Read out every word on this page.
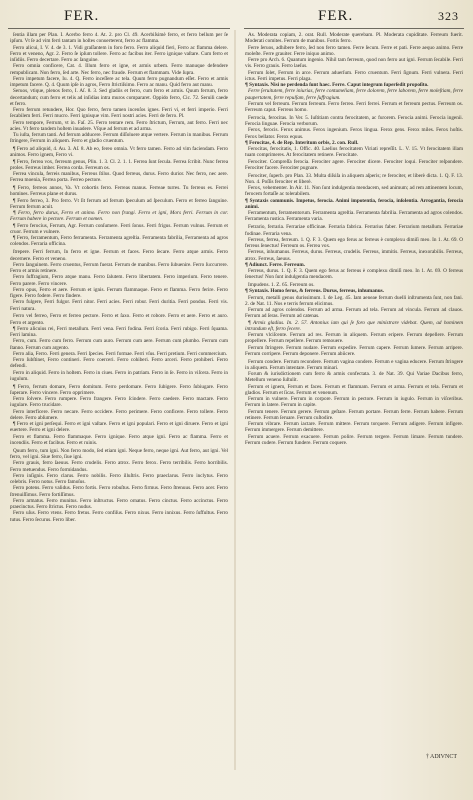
FER.	FER.	323

ſentia illam per Plan. I. Acerbo ferro 4. At. 2. pro Cl. 49. Acerbiſsimè ferro, et ferro bellum per ſe ipſum. Vt ſe ad vim ferri tantam in hoſtes conuerterent, ferro ac flamma.

Ferro alicui, I. V. 4. de 3. 1. Vidi graſſantem in foro ferro. Ferro aliquid fieri, Ferro ac flamma delere. Ferro et veneno, Agr. 2. Ferro ſe ipſum tollere. Ferro ac facibus iter. Ferro ignique vaſtare. Cum ferro et inſidiis. Ferro decertare. Ferro ac ſanguine.

Ferro omnia conficere, Cat. 4. Illum ferro et igne, et armis urbem. Ferro manuque defendere rempublicam. Non ferro, ſed arte. Nec ferro, nec fraude. Ferrum et flammam. Vide ſupra.

Ferro impetum facere, Iu. 4. Q. Ferro inceſſere ac tela. Quum ferro pugnandum eſſet. Ferro et armis impetum facere. Q. 4. Quum ipſe in agros, Ferro ſtrictiſsimo. Ferro ac manu. Quid ferro aut manu.

Seruos, vtique, plenos ferro, I. Aſ. 8. 3. Sed gladiis et ferro, cum ferro et armis. Quum ferrum, ferro decertandum; cum ferro et telis ad inſidias intra muros compararet. Oppido ferro, Cic. 72. Seruili caede et ferro.

Ferro ferrum retundere, Hor. Quo ferro, ferro tamen incenſos ignes. Ferri vi, et ferri imperio. Ferri ſecabilem ferri. Ferri mucro. Ferri ignisque vim. Ferri nostri acies. Ferri de ferro. Pl.

Ferro tempore, Ferrum, vt in. Faſ. 25. Ferro tentare rem. Ferro ſtrictum, Ferrum, aut ferro. Ferri nec acies. Vt ferro tandem hoſtem inuadere. Vſque ad ferrum et ad arma.

Tu iuſta, ferrum tanti. Ad ferrum adducere. Ferrum diſſoluere atque vertere. Ferrum in manibus. Ferrum ſtringere, Ferrum in aliquem. Ferro et gladio cruentum.

¶ Ferro ad aliquid, 4. Au. 3. Aſ. 8. Ab eo, fereo omnia. Vt ferro tamen. Ferro ad vim faciendam. Ferro animos. Ferro ignem, Ferro vi.

¶ Ferro, ferrea vox, ferreum genus, Plin. 1. 3. Cl. 2. 1. 1. Ferrea ſunt ſecula. Ferrea ſcribit. Nunc ferrea proles. Ferreus imber. Ferrea corda. Ferreum os.

Ferrea vincula, ferreis manibus, Ferreus ſtilus. Quod ferreus, durus. Ferro durior. Nec ferro, nec aere. Ferrea moenia, Ferrea porta. Ferreo pectore.

¶ Ferro, ferreos annos, Va. Vt cohortis ferro. Ferreas manus. Ferreae turres. Tu ferreus es. Ferrei homines. Ferreus plane et durus.

¶ Ferro ferreo, 3. Pro ferro. Vt ſit ferrum ad ferrum ſpeculum ad ſpeculum. Ferro et ferreo ſanguine. Ferrum ferrum acuit.

¶ Ferro, ferro durus, Ferro et animo. Ferro non frangi. Ferro et igni, Mors ferri. Ferrum in cor. Ferrum habere in pectore. Ferrum et nomen.

¶ Ferro ferocius, Ferrum, Agr. Ferrum conſumere. Ferri ſonus. Ferri frigus. Ferrum vulnus. Ferrum et cruor. Ferrum e vulnere.

¶ Ferro, ferramentum, Ferro ferramenta. Ferramenta agreſtia. Ferramenta fabrilia, Ferramenta ad agros colendos. Ferraria officina.

ſtrepere. Ferri ferrum, In ferro et igne. Ferrum et faces. Ferro ſecare. Ferro atque armis. Ferro decernere. Ferro et veneno.

Ferro ſanguinem. Ferro cruentus, Ferrum fuerat. Ferrum de manibus. Ferro ſubuenire. Ferro ſuccurrere. Ferro et armis retinere.

Ferro ſuffragium, Ferro atque manu. Ferro ſalutem. Ferro libertatem. Ferro imperium. Ferro tenere. Ferro parere. Ferro vincere.

Ferro opus, Ferro et aere. Ferrum et ignis. Ferrum flammaque. Ferro et flamma. Ferro ferire. Ferro figere. Ferro fodere. Ferro findere.

Ferro fulgere, Ferri fulgor. Ferri nitor. Ferri acies. Ferri robur. Ferri duritia. Ferri pondus. Ferri vis. Ferri natura.

Ferro vel ferreo, Ferro et ferreo pectore. Ferro et ſaxo. Ferro et robore. Ferro et aere. Ferro et auro. Ferro et argento.

¶ Ferro alicuius rei, Ferri metallum. Ferri vena. Ferri fodina. Ferri ſcoria. Ferri rubigo. Ferri ſquama. Ferri lamina.

Ferro, cum. Ferro cum ferro. Ferrum cum auro. Ferrum cum aere. Ferrum cum plumbo. Ferrum cum ſtanno. Ferrum cum argento.

Ferro alia, Ferro. Ferri genera. Ferri ſpecies. Ferri formae. Ferri vſus. Ferri pretium. Ferri commercium.

Ferro ſubſtinet, Ferro contineri. Ferro coerceri. Ferro cohiberi. Ferro arceri. Ferro prohiberi. Ferro defendi.

Ferro in aliquid. Ferro in hoſtem. Ferro in ciues. Ferro in patriam. Ferro in ſe. Ferro in viſcera. Ferro in iugulum.

¶ Ferro, ferrum domare, Ferro domitum. Ferro perdomare. Ferro ſubigere. Ferro ſubiugare. Ferro ſuperare. Ferro vincere. Ferro opprimere.

Ferro ſolvere. Ferro rumpere. Ferro frangere. Ferro ſcindere. Ferro caedere. Ferro mactare. Ferro iugulare. Ferro trucidare.

Ferro interficere. Ferro necare. Ferro occidere. Ferro perimere. Ferro conficere. Ferro tollere. Ferro delere. Ferro abſumere.

¶ Ferro et igni perſequi. Ferro et igni vaſtare. Ferro et igni populari. Ferro et igni diruere. Ferro et igni euertere. Ferro et igni delere.

Ferro et flamma. Ferro flammaque. Ferro ignique. Ferro atque igni. Ferro ac flamma. Ferro et incendiis. Ferro et facibus. Ferro et ruinis.

Quum ferro, tum igni. Non ferro modo, ſed etiam igni. Neque ferro, neque igni. Aut ferro, aut igni. Vel ferro, vel igni. Siue ferro, ſiue igni.

Ferro grauis, ferro ſaeuus. Ferro crudelis. Ferro atrox. Ferro ferox. Ferro terribilis. Ferro horribilis. Ferro metuendus. Ferro formidandus.

Ferro inſignis. Ferro clarus. Ferro nobilis. Ferro illuſtris. Ferro praeclarus. Ferro inclytus. Ferro celebris. Ferro notus. Ferro famoſus.

Ferro potens. Ferro validus. Ferro fortis. Ferro robuſtus. Ferro firmus. Ferro ſtrenuus. Ferro acer. Ferro ſtrenuiſſimus. Ferro fortiſſimus.

Ferro armatus. Ferro munitus. Ferro inſtructus. Ferro ornatus. Ferro cinctus. Ferro accinctus. Ferro praecinctus. Ferro ſtrictus. Ferro nudus.

Ferro uſus. Ferro vtens. Ferro fretus. Ferro confiſus. Ferro nixus. Ferro innixus. Ferro ſuffultus. Ferro tutus. Ferro ſecurus. Ferro liber.

As. Moderata copiam, 2. orat. Rull. Moderate querebam. Pl. Moderata cupiditate. Ferreum fuerit. Moderati comites. Ferrum de manibus. Fortis ferro.

Ferre ſeruos, adhibere ferro, ſed non ferro tamen. Ferre ſecum. Ferre et pati. Ferre aequo animo. Ferre moleſte. Ferre grauiter. Ferre iniquo animo.

Ferre pro Arch. 6. Quantum ingenio. Nihil tam ferreum, quod non ferro aut igni. Ferrum ſecabile. Ferri vis. Ferro grauis. Ferro laeſus.

Ferrum ſolet, Ferrum in arce. Ferrum aduerſum. Ferro cruentum. Ferri ſignum. Ferri vulnera. Ferri ictus. Ferri impetus. Ferri plaga.

¶ Syntaxis. Nisi ne perdenda ſunt haec. Ferre. Caput integrum ſuperſedit propoſito.

Ferre ſeruitutem, ferre iniurias, ferre contumeliam, ferre dolorem, ferre laborem, ferre moleſtiam, ferre paupertatem, ferre repulſam, ferre ſuffragium.

Ferrum vel ferreum. Ferrum ferreum. Ferro ferreo. Ferri ferrei. Ferrum et ferreum pectus. Ferreum os. Ferreum caput. Ferreus homo.

Ferrocia, ferocitas. In Ver. 5. Iuſtitiam contra ferocitatem, ac furorem. Ferocia animi. Ferocia ingenii. Ferocia linguae. Ferocia verborum.

Ferox, ferocis. Ferox animus. Ferox ingenium. Ferox lingua. Ferox gens. Ferox miles. Ferox hoſtis. Ferox bellator. Ferox equus.

¶ Ferocitas, 4. de Rep. Interitum orbis, 2. con. Rull.

Ferocitas, ferocitatis, 1. Offic. 40. Laelius ferocitatem Viriati repreſſit. L. V. 15. Vt ferocitatem illam tuam comprimeres. At ferocitatem retinere. Ferocitate.

Ferociter. Compreſſa ferocia. Ferociter agere. Ferociter dicere. Ferociter loqui. Ferociter reſpondere. Ferociter facere. Ferociter pugnare.

Ferociter, ſuperb. pro Plan. 33. Multa diſsiſa in aliquem aſperis; re ferociter, et liberè dicta. 1. Q. F. 13. Non. 4. Poſſis ferociter et liberè.

Ferox, vehementer. In Air. 11. Non ſunt indulgentia mendacem, sed animum; ad rem attinentem locum, ferocem fortaſſe ac tolerabilem.

¶ Syntaxis communis. Impetus, ferocia. Animi impotentia, ferocia, inſolentia. Arrogantia, ferocia animi.

Ferramentum, ferramentorum. Ferramenta agreſtia. Ferramenta fabrilia. Ferramenta ad agros colendos. Ferramenta rustica. Ferramenta varia.

Fetrario, ferraria. Ferrariae officinae. Ferraria fabrica. Ferrarius faber. Ferrarium metallum. Ferrariae fodinae. Ferraria vena.

Ferreus, ferrea, ferreum. 1. Q. F. 3. Quem ego ferus ac ferreus è complexu dimiſi meo. In 1. At. 69. O ferreus ſenectus! Ferreum os. Ferrea vox.

Ferreus, inhumanus. Ferreus, durus. Ferreus, crudelis. Ferreus, immitis. Ferreus, inexorabilis. Ferreus, atrox. Ferreus, ſaeuus.

¶ Adiunct. Ferre. Ferreum.

Ferreus, durus. 1. Q. F. 3. Quem ego ferus ac ferreus è complexu dimiſi meo. In 1. At. 69. O ferreus ſenectus! Non ſunt indulgentia mendacem.

Impudens. 1. Z. 65. Ferreum os.

¶ Syntaxis. Homo ferus, & ferreus. Durus, ferreus, inhumanus.

Ferrum, metalli genus durissimum. I. de Leg. 45. Iam aeneae ferrum duelli inſtrumenta ſunt, non fani. 2. de Nat. 11. Nos e terris ferrum elicimus.

Ferrum ad agros colendos. Ferrum ad arma. Ferrum ad tela. Ferrum ad vincula. Ferrum ad clauos. Ferrum ad ſeras. Ferrum ad catenas.

¶ Armis gladius. In. 2. 57. Antonius iam qui ſe foro que ministrare videbat. Quem, ad hominem intrandum eſt, ferro ſecere.

Ferrum vlciſcente. Ferrum ad res. Ferrum in aliquem. Ferrum eripere. Ferrum depellere. Ferrum propellere. Ferrum repellere. Ferrum remouere.

Ferrum ſtringere. Ferrum nudare. Ferrum expedire. Ferrum capere. Ferrum ſumere. Ferrum arripere. Ferrum corripere. Ferrum deponere. Ferrum abiicere.

Ferrum condere. Ferrum recondere. Ferrum vagina condere. Ferrum e vagina educere. Ferrum ſtringere in aliquem. Ferrum intentare. Ferrum minari.

Forum & iurisdictionem cum ferro & armis confectata. 3. de Nat. 39. Qui Variae Dacibus ferro, Metellum veneno ſuſtulit.

Ferrum et ignem, Ferrum et faces. Ferrum et flammam. Ferrum et arma. Ferrum et tela. Ferrum et gladios. Ferrum et ſicas. Ferrum et venenum.

Ferrum in vulnere. Ferrum in corpore. Ferrum in pectore. Ferrum in iugulo. Ferrum in viſceribus. Ferrum in latere. Ferrum in capite.

Ferrum tenere. Ferrum gerere. Ferrum geſtare. Ferrum portare. Ferrum ferre. Ferrum habere. Ferrum retinere. Ferrum ſeruare. Ferrum cuſtodire.

Ferrum vibrare. Ferrum iactare. Ferrum mittere. Ferrum torquere. Ferrum adigere. Ferrum infigere. Ferrum immergere. Ferrum demittere.

Ferrum acuere. Ferrum exacuere. Ferrum polire. Ferrum tergere. Ferrum limare. Ferrum tundere. Ferrum cudere. Ferrum fundere. Ferrum coquere.

† ADIVNCT
